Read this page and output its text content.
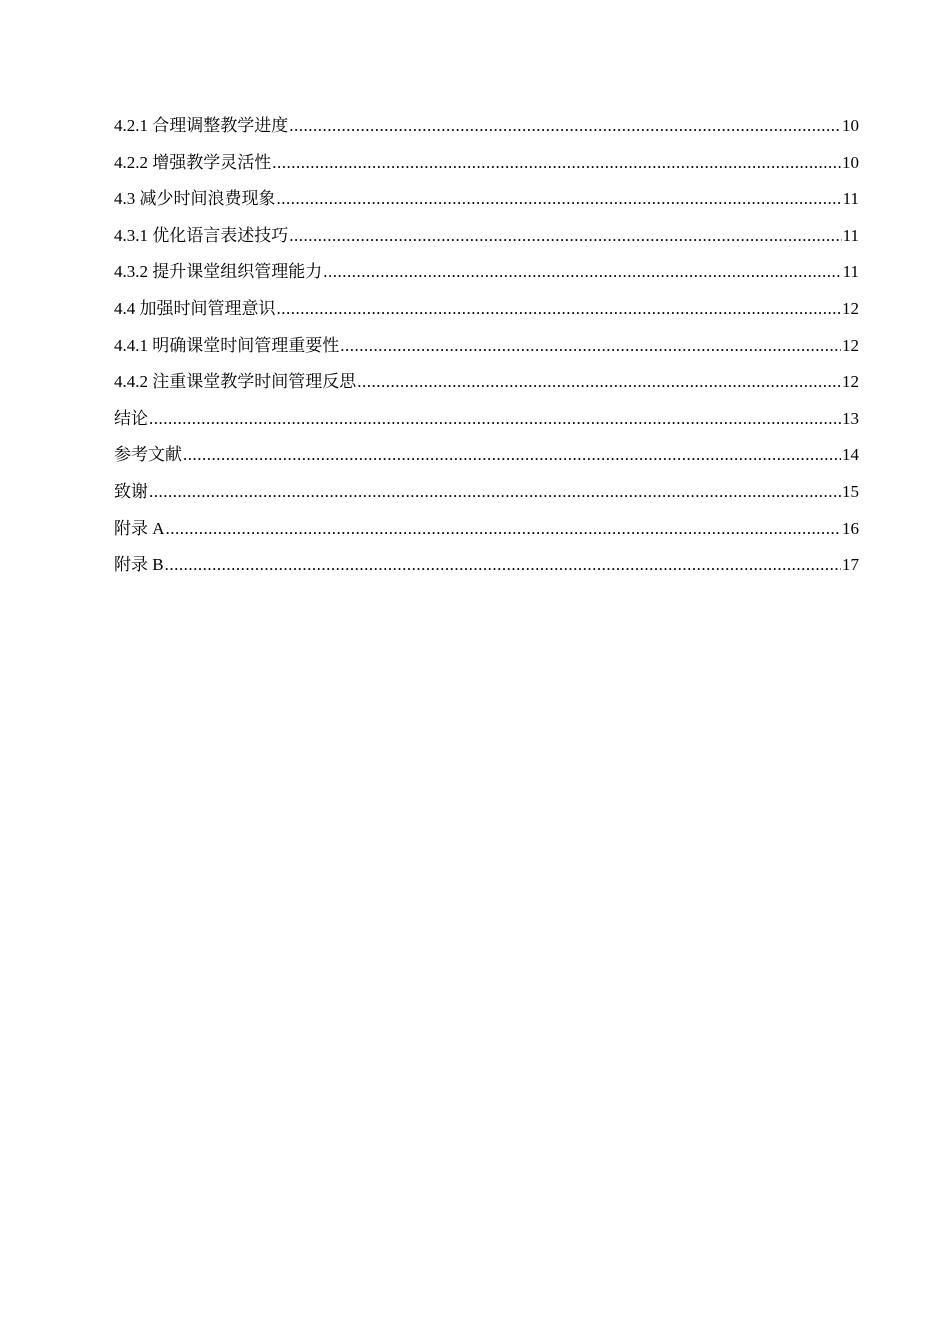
4.2.1 合理调整教学进度 .....	10
4.2.2 增强教学灵活性 .....	10
4.3 减少时间浪费现象 .....	11
4.3.1 优化语言表述技巧 .....	11
4.3.2 提升课堂组织管理能力 .....	11
4.4 加强时间管理意识 .....	12
4.4.1 明确课堂时间管理重要性 .....	12
4.4.2 注重课堂教学时间管理反思 .....	12
结论 .....	13
参考文献 .....	14
致谢 .....	15
附录 A .....	16
附录 B .....	17
